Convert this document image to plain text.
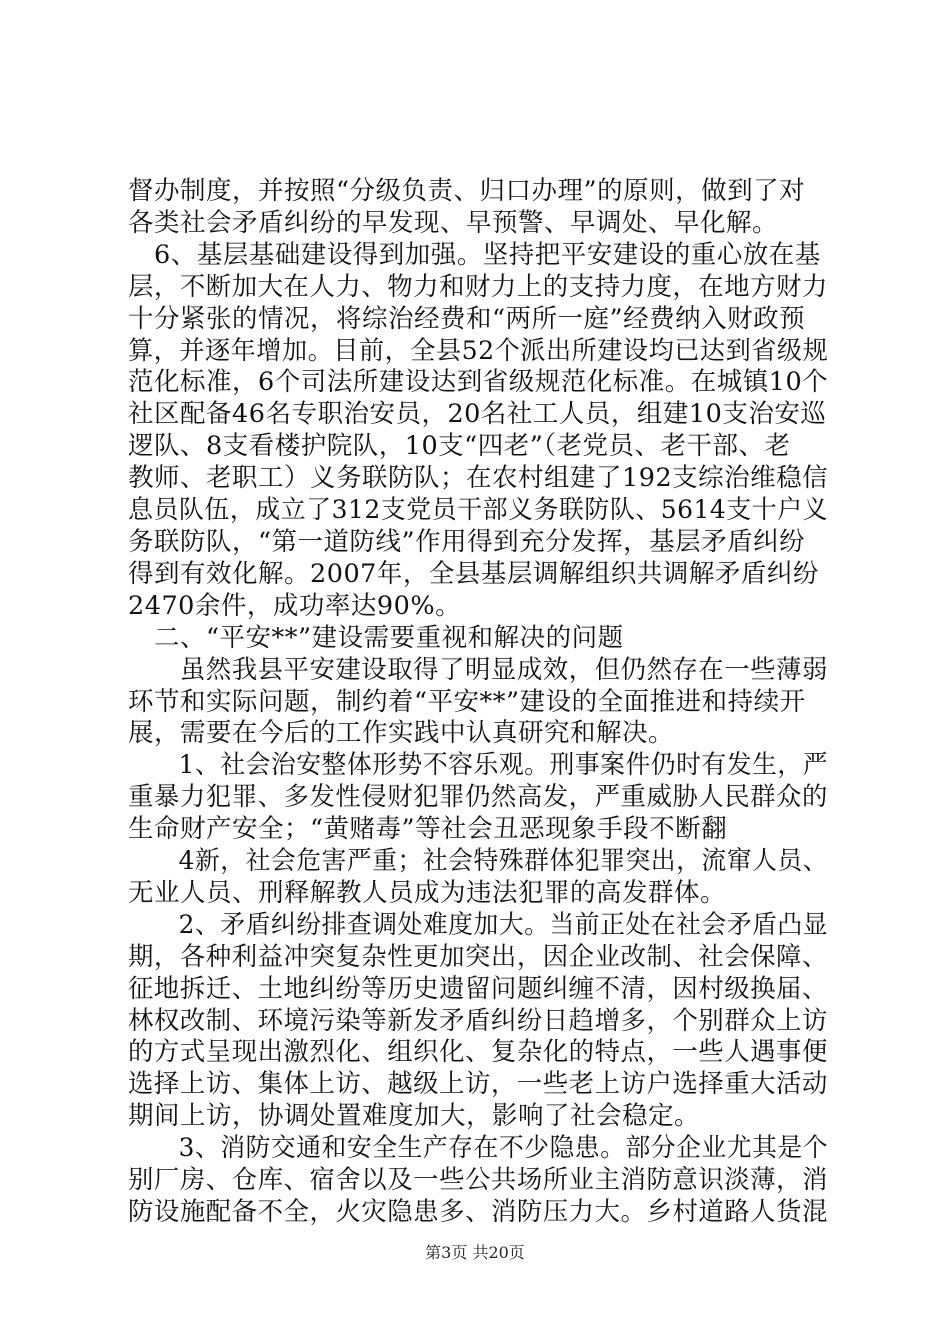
督办制度，并按照“分级负责、归口办理”的原则，做到了对
各类社会矛盾纠纷的早发现、早预警、早调处、早化解。
　6、基层基础建设得到加强。坚持把平安建设的重心放在基
层，不断加大在人力、物力和财力上的支持力度，在地方财力
十分紧张的情况，将综治经费和“两所一庭”经费纳入财政预
算，并逐年增加。目前，全县52个派出所建设均已达到省级规
范化标准，6个司法所建设达到省级规范化标准。在城镇10个
社区配备46名专职治安员，20名社工人员，组建10支治安巡
逻队、8支看楼护院队，10支“四老”（老党员、老干部、老
教师、老职工）义务联防队；在农村组建了192支综治维稳信
息员队伍，成立了312支党员干部义务联防队、5614支十户义
务联防队，“第一道防线”作用得到充分发挥，基层矛盾纠纷
得到有效化解。2007年，全县基层调解组织共调解矛盾纠纷
2470余件，成功率达90%。
　二、“平安**”建设需要重视和解决的问题
　　虽然我县平安建设取得了明显成效，但仍然存在一些薄弱
环节和实际问题，制约着“平安**”建设的全面推进和持续开
展，需要在今后的工作实践中认真研究和解决。
　　1、社会治安整体形势不容乐观。刑事案件仍时有发生，严
重暴力犯罪、多发性侵财犯罪仍然高发，严重威胁人民群众的
生命财产安全；“黄赌毒”等社会丑恶现象手段不断翻
　　4新，社会危害严重；社会特殊群体犯罪突出，流窜人员、
无业人员、刑释解教人员成为违法犯罪的高发群体。
　　2、矛盾纠纷排查调处难度加大。当前正处在社会矛盾凸显
期，各种利益冲突复杂性更加突出，因企业改制、社会保障、
征地拆迁、土地纠纷等历史遗留问题纠缠不清，因村级换届、
林权改制、环境污染等新发矛盾纠纷日趋增多，个别群众上访
的方式呈现出激烈化、组织化、复杂化的特点，一些人遇事便
选择上访、集体上访、越级上访，一些老上访户选择重大活动
期间上访，协调处置难度加大，影响了社会稳定。
　　3、消防交通和安全生产存在不少隐患。部分企业尤其是个
别厂房、仓库、宿舍以及一些公共场所业主消防意识淡薄，消
防设施配备不全，火灾隐患多、消防压力大。乡村道路人货混
第3页 共20页
